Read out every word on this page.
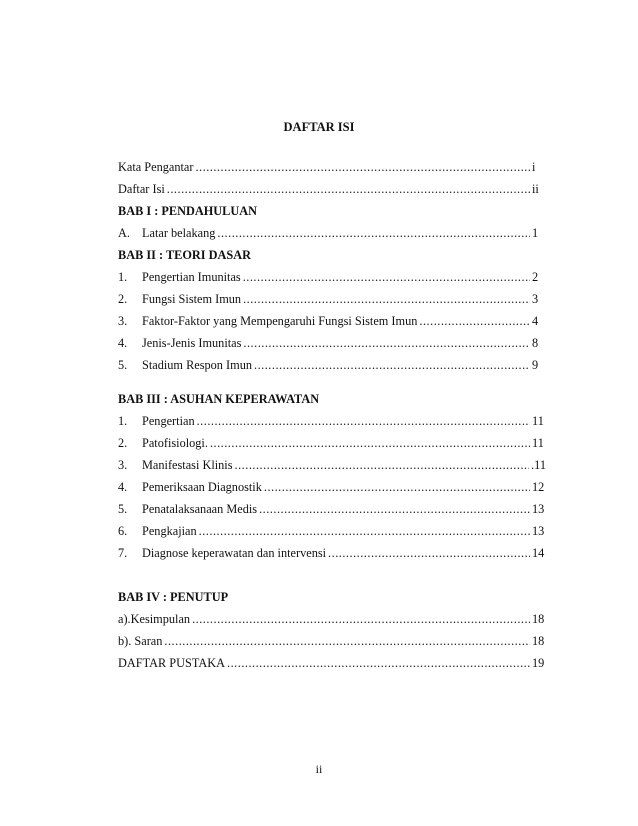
DAFTAR ISI
Kata Pengantar .....	i
Daftar Isi .....	ii
BAB I : PENDAHULUAN
A. Latar belakang .....	1
BAB II : TEORI DASAR
1.	Pengertian Imunitas .....	2
2.	Fungsi Sistem Imun .....	3
3.	Faktor-Faktor yang Mempengaruhi Fungsi Sistem Imun .....	4
4.	Jenis-Jenis Imunitas .....	8
5.	Stadium Respon Imun .....	9
BAB III : ASUHAN KEPERAWATAN
1.	Pengertian .....	11
2.	Patofisiologi. .....	11
3.	Manifestasi Klinis .....	.11
4.	Pemeriksaan Diagnostik .....	12
5.	Penatalaksanaan Medis .....	13
6.	Pengkajian .....	13
7.	Diagnose keperawatan dan intervensi .....	14
BAB IV : PENUTUP
a).Kesimpulan .....	18
b). Saran .....	18
DAFTAR PUSTAKA .....	19
ii
